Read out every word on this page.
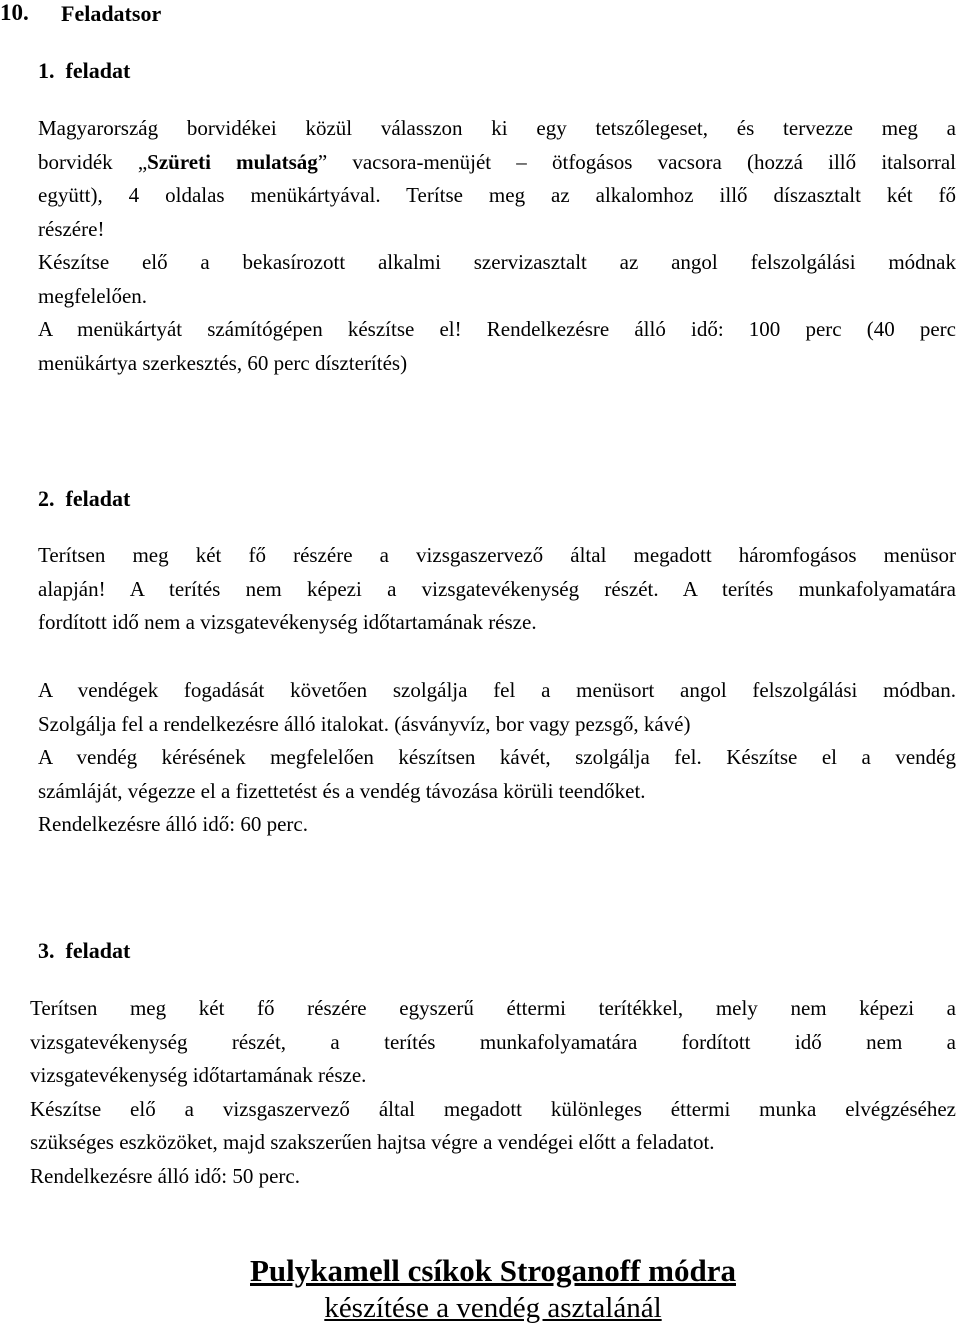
10. Feladatsor
1.  feladat
Magyarország borvidékei közül válasszon ki egy tetszőlegeset, és tervezze meg a
borvidék „Szüreti mulatság” vacsora-menüjét – ötfogásos vacsora (hozzá illő italsorral
együtt), 4 oldalas menükártyával. Terítse meg az alkalomhoz illő díszasztalt két fő
részére!
Készítse elő a bekasírozott alkalmi szervizasztalt az angol felszolgálási módnak
megfelelően.
A menükártyát számítógépen készítse el! Rendelkezésre álló idő: 100 perc (40 perc
menükártya szerkesztés, 60 perc díszterítés)
2.  feladat
Terítsen meg két fő részére a vizsgaszervező által megadott háromfogásos menüsor
alapján! A terítés nem képezi a vizsgatevékenység részét. A terítés munkafolyamatára
fordított idő nem a vizsgatevékenység időtartamának része.
A vendégek fogadását követően szolgálja fel a menüsort angol felszolgálási módban.
Szolgálja fel a rendelkezésre álló italokat. (ásványvíz, bor vagy pezsgő, kávé)
A vendég kérésének megfelelően készítsen kávét, szolgálja fel. Készítse el a vendég
számláját, végezze el a fizettetést és a vendég távozása körüli teendőket.
Rendelkezésre álló idő: 60 perc.
3.  feladat
Terítsen meg két fő részére egyszerű éttermi terítékkel, mely nem képezi a
vizsgatevékenység részét, a terítés munkafolyamatára fordított idő nem a
vizsgatevékenység időtartamának része.
Készítse elő a vizsgaszervező által megadott különleges éttermi munka elvégzéséhez
szükséges eszközöket, majd szakszerűen hajtsa végre a vendégei előtt a feladatot.
Rendelkezésre álló idő: 50 perc.
Pulykamell csíkok Stroganoff módra
készítése a vendég asztalánál
